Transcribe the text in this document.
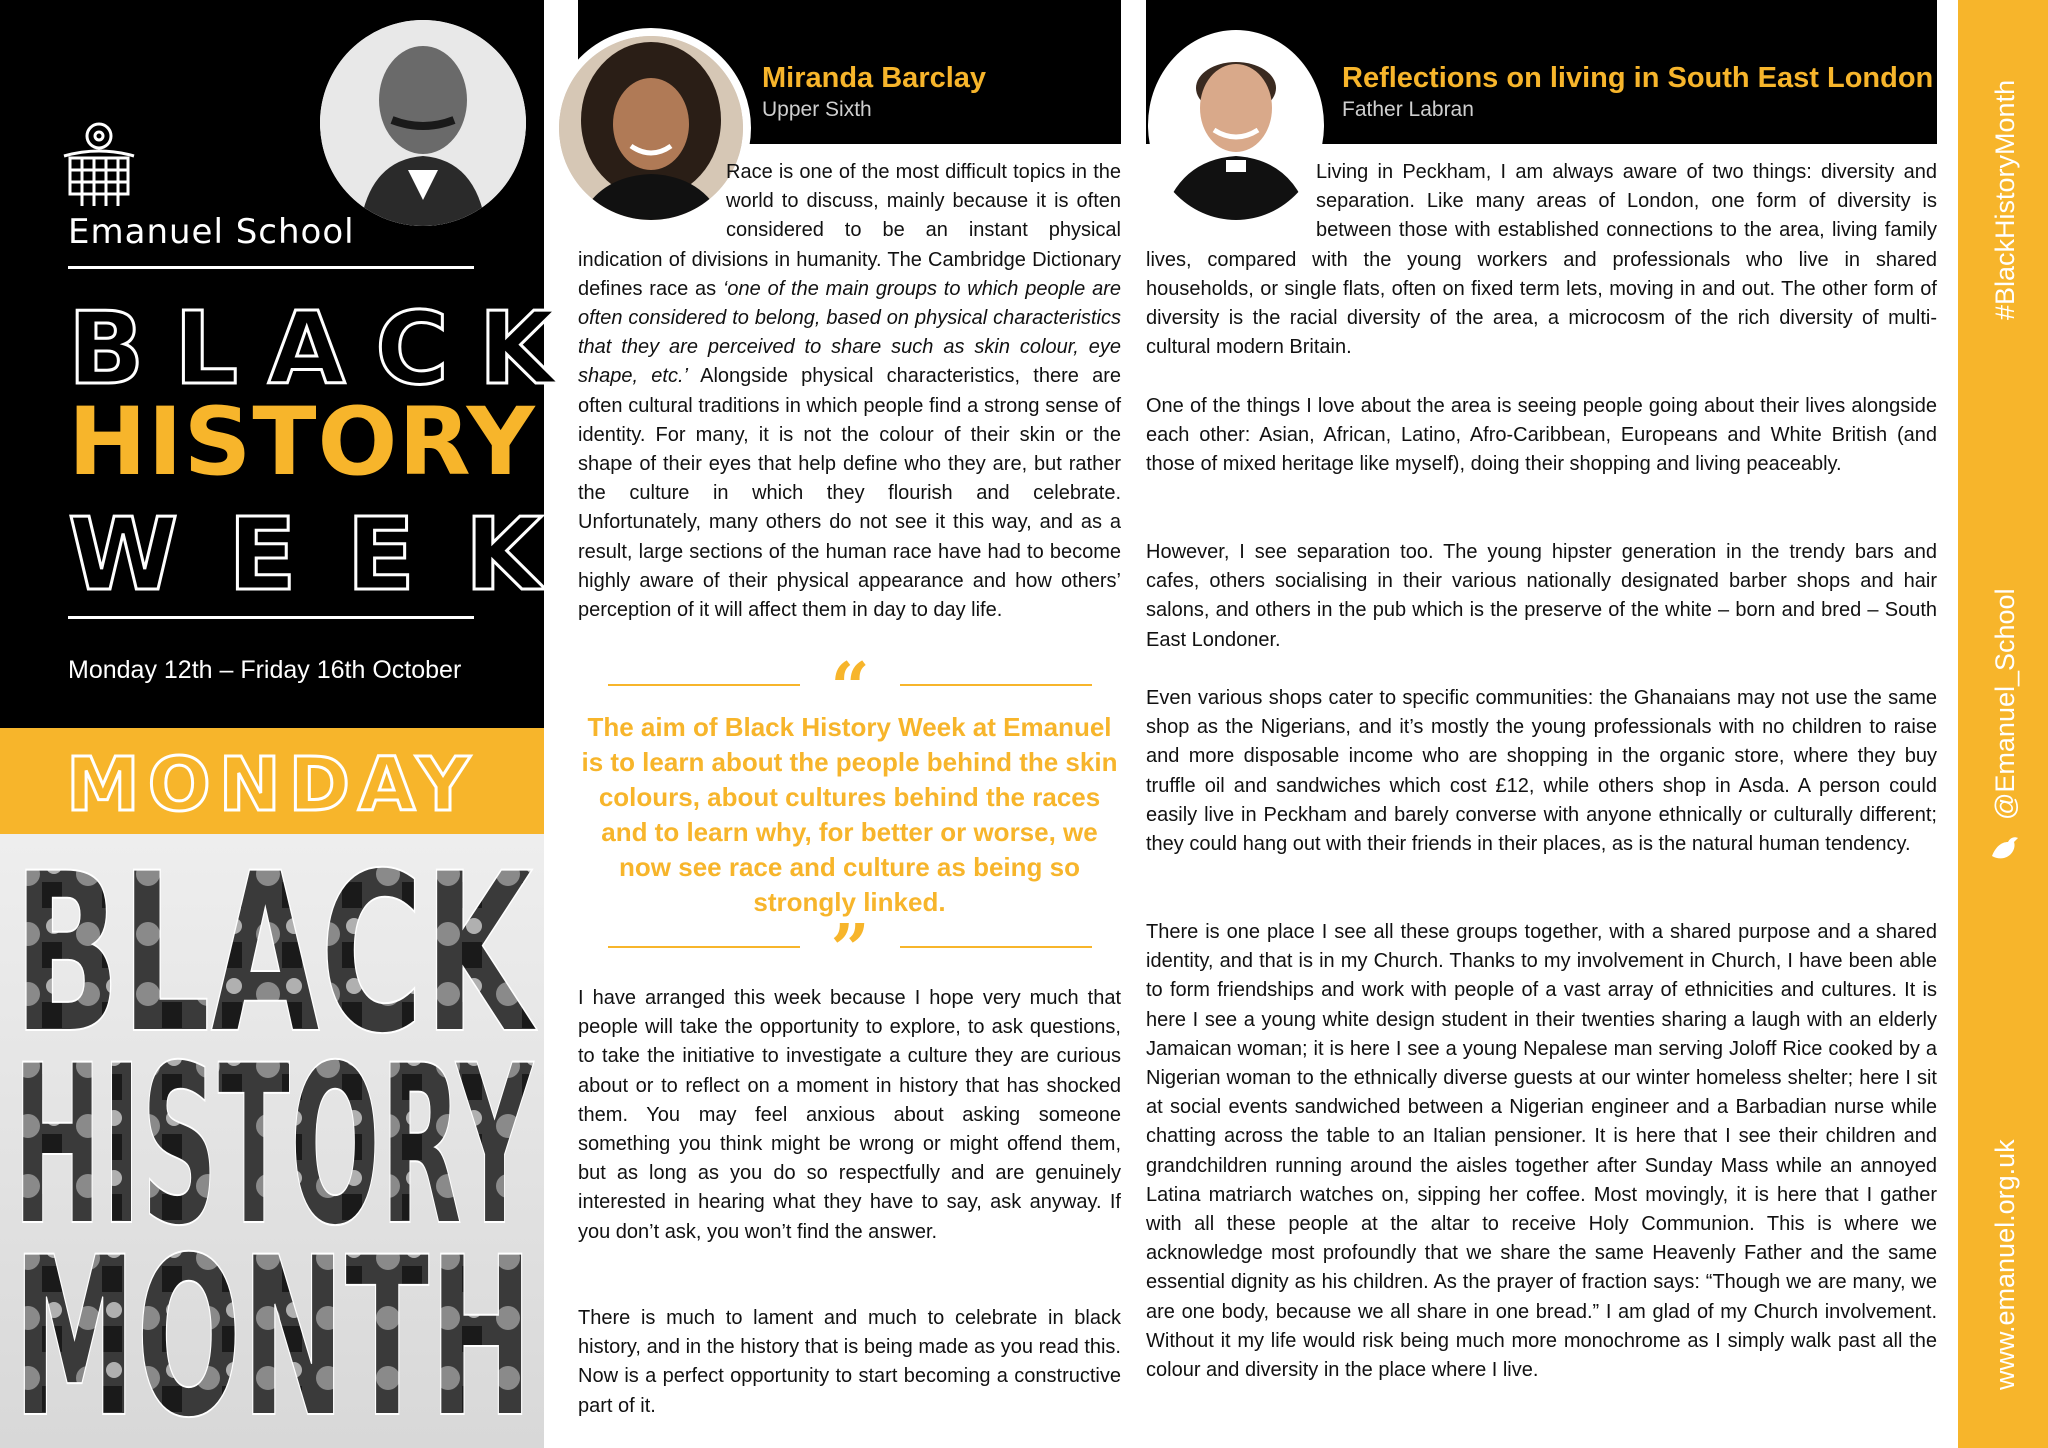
Emanuel School
BLACK
HISTORY
WEEK
Monday 12th – Friday 16th October
MONDAY
BLACK
HISTORY
MONTH
Miranda Barclay
Upper Sixth
Race is one of the most difficult topics in the world to discuss, mainly because it is often considered to be an instant physical indication of divisions in humanity. The Cambridge Dictionary defines race as ‘one of the main groups to which people are often considered to belong, based on physical characteristics that they are perceived to share such as skin colour, eye shape, etc.’ Alongside physical characteristics, there are often cultural traditions in which people find a strong sense of identity. For many, it is not the colour of their skin or the shape of their eyes that help define who they are, but rather the culture in which they flourish and celebrate. Unfortunately, many others do not see it this way, and as a result, large sections of the human race have had to become highly aware of their physical appearance and how others’ perception of it will affect them in day to day life.
“
The aim of Black History Week at Emanuel is to learn about the people behind the skin colours, about cultures behind the races and to learn why, for better or worse, we now see race and culture as being so strongly linked.
”
I have arranged this week because I hope very much that people will take the opportunity to explore, to ask questions, to take the initiative to investigate a culture they are curious about or to reflect on a moment in history that has shocked them. You may feel anxious about asking someone something you think might be wrong or might offend them, but as long as you do so respectfully and are genuinely interested in hearing what they have to say, ask anyway. If you don’t ask, you won’t find the answer.
There is much to lament and much to celebrate in black history, and in the history that is being made as you read this. Now is a perfect opportunity to start becoming a constructive part of it.
Reflections on living in South East London
Father Labran
Living in Peckham, I am always aware of two things: diversity and separation. Like many areas of London, one form of diversity is between those with established connections to the area, living family lives, compared with the young workers and professionals who live in shared households, or single flats, often on fixed term lets, moving in and out. The other form of diversity is the racial diversity of the area, a microcosm of the rich diversity of multi-cultural modern Britain.
One of the things I love about the area is seeing people going about their lives alongside each other: Asian, African, Latino, Afro-Caribbean, Europeans and White British (and those of mixed heritage like myself), doing their shopping and living peaceably.
However, I see separation too. The young hipster generation in the trendy bars and cafes, others socialising in their various nationally designated barber shops and hair salons, and others in the pub which is the preserve of the white – born and bred – South East Londoner.
Even various shops cater to specific communities: the Ghanaians may not use the same shop as the Nigerians, and it’s mostly the young professionals with no children to raise and more disposable income who are shopping in the organic store, where they buy truffle oil and sandwiches which cost £12, while others shop in Asda. A person could easily live in Peckham and barely converse with anyone ethnically or culturally different; they could hang out with their friends in their places, as is the natural human tendency.
There is one place I see all these groups together, with a shared purpose and a shared identity, and that is in my Church. Thanks to my involvement in Church, I have been able to form friendships and work with people of a vast array of ethnicities and cultures. It is here I see a young white design student in their twenties sharing a laugh with an elderly Jamaican woman; it is here I see a young Nepalese man serving Joloff Rice cooked by a Nigerian woman to the ethnically diverse guests at our winter homeless shelter; here I sit at social events sandwiched between a Nigerian engineer and a Barbadian nurse while chatting across the table to an Italian pensioner. It is here that I see their children and grandchildren running around the aisles together after Sunday Mass while an annoyed Latina matriarch watches on, sipping her coffee. Most movingly, it is here that I gather with all these people at the altar to receive Holy Communion. This is where we acknowledge most profoundly that we share the same Heavenly Father and the same essential dignity as his children. As the prayer of fraction says: “Though we are many, we are one body, because we all share in one bread.” I am glad of my Church involvement. Without it my life would risk being much more monochrome as I simply walk past all the colour and diversity in the place where I live.
#BlackHistoryMonth
@Emanuel_School
www.emanuel.org.uk
